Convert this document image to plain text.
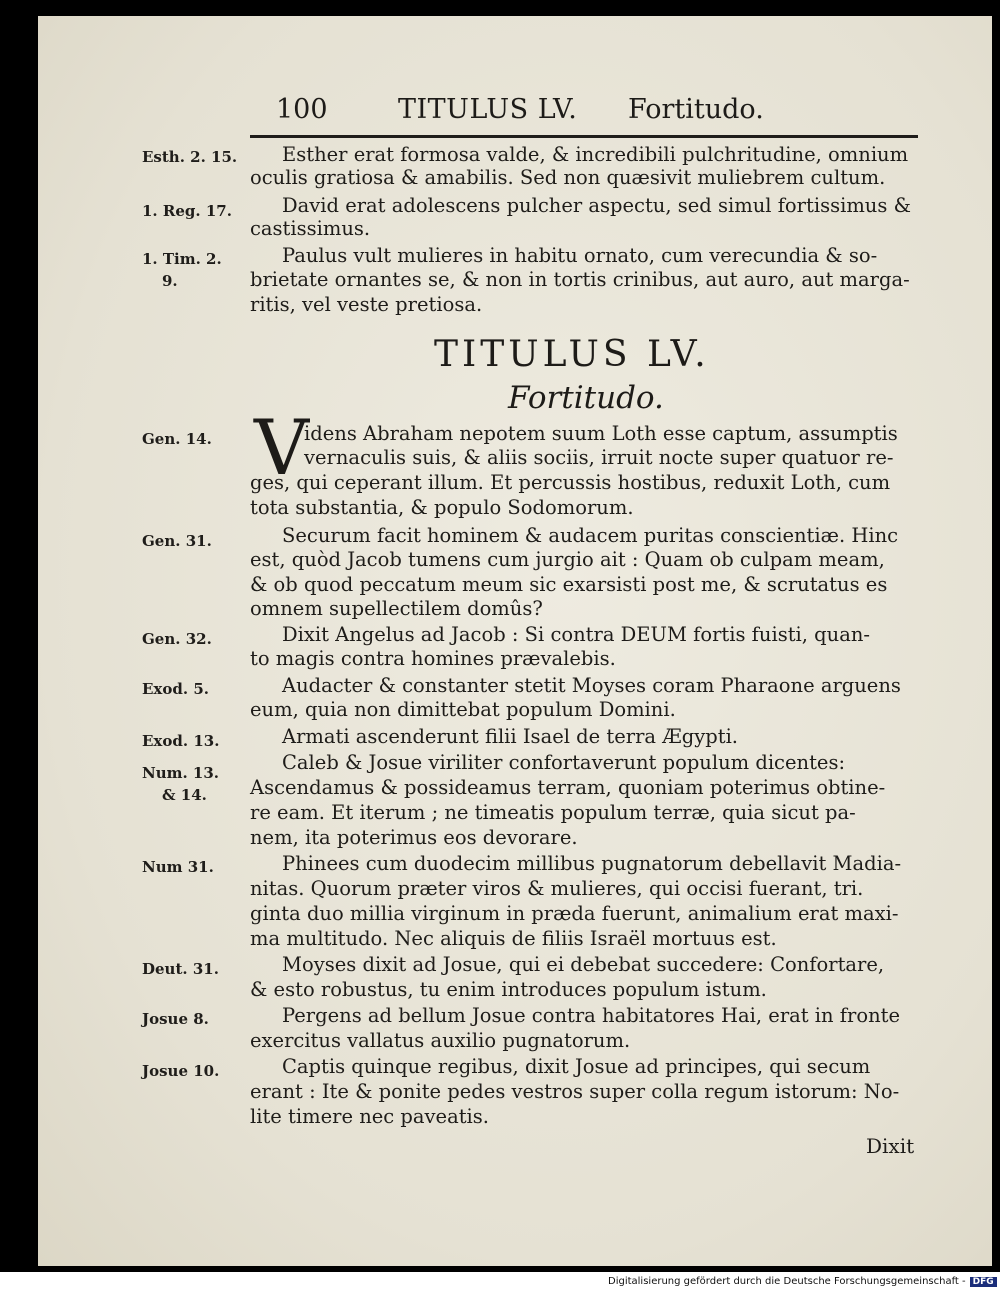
100	TITULUS LV. Fortitudo.
Esth. 2. 15.
1. Reg. 17.
1. Tim. 2.
9.
Gen. 14.
Gen. 31.
Gen. 32.
Exod. 5.
Exod. 13.
Num. 13.
& 14.
Num 31.
Deut. 31.
Josue 8.
Josue 10.
Esther erat formosa valde, & incredibili pulchritudine, omnium
oculis gratiosa & amabilis. Sed non quæsivit muliebrem cultum.
David erat adolescens pulcher aspectu, sed simul fortissimus &
castissimus.
Paulus vult mulieres in habitu ornato, cum verecundia & so-
brietate ornantes se, & non in tortis crinibus, aut auro, aut marga-
ritis, vel veste pretiosa.
TITULUS LV.
Fortitudo.
V
idens Abraham nepotem suum Loth esse captum, assumptis
vernaculis suis, & aliis sociis, irruit nocte super quatuor re-
ges, qui ceperant illum. Et percussis hostibus, reduxit Loth, cum
tota substantia, & populo Sodomorum.
Securum facit hominem & audacem puritas conscientiæ. Hinc
est, quòd Jacob tumens cum jurgio ait : Quam ob culpam meam,
& ob quod peccatum meum sic exarsisti post me, & scrutatus es
omnem supellectilem domûs?
Dixit Angelus ad Jacob : Si contra DEUM fortis fuisti, quan-
to magis contra homines prævalebis.
Audacter & constanter stetit Moyses coram Pharaone arguens
eum, quia non dimittebat populum Domini.
Armati ascenderunt filii Isael de terra Ægypti.
Caleb & Josue viriliter confortaverunt populum dicentes:
Ascendamus & possideamus terram, quoniam poterimus obtine-
re eam. Et iterum ; ne timeatis populum terræ, quia sicut pa-
nem, ita poterimus eos devorare.
Phinees cum duodecim millibus pugnatorum debellavit Madia-
nitas. Quorum præter viros & mulieres, qui occisi fuerant, tri.
ginta duo millia virginum in præda fuerunt, animalium erat maxi-
ma multitudo. Nec aliquis de filiis Israël mortuus est.
Moyses dixit ad Josue, qui ei debebat succedere: Confortare,
& esto robustus, tu enim introduces populum istum.
Pergens ad bellum Josue contra habitatores Hai, erat in fronte
exercitus vallatus auxilio pugnatorum.
Captis quinque regibus, dixit Josue ad principes, qui secum
erant : Ite & ponite pedes vestros super colla regum istorum: No-
lite timere nec paveatis.
Dixit
Digitalisierung gefördert durch die Deutsche Forschungsgemeinschaft - DFG
